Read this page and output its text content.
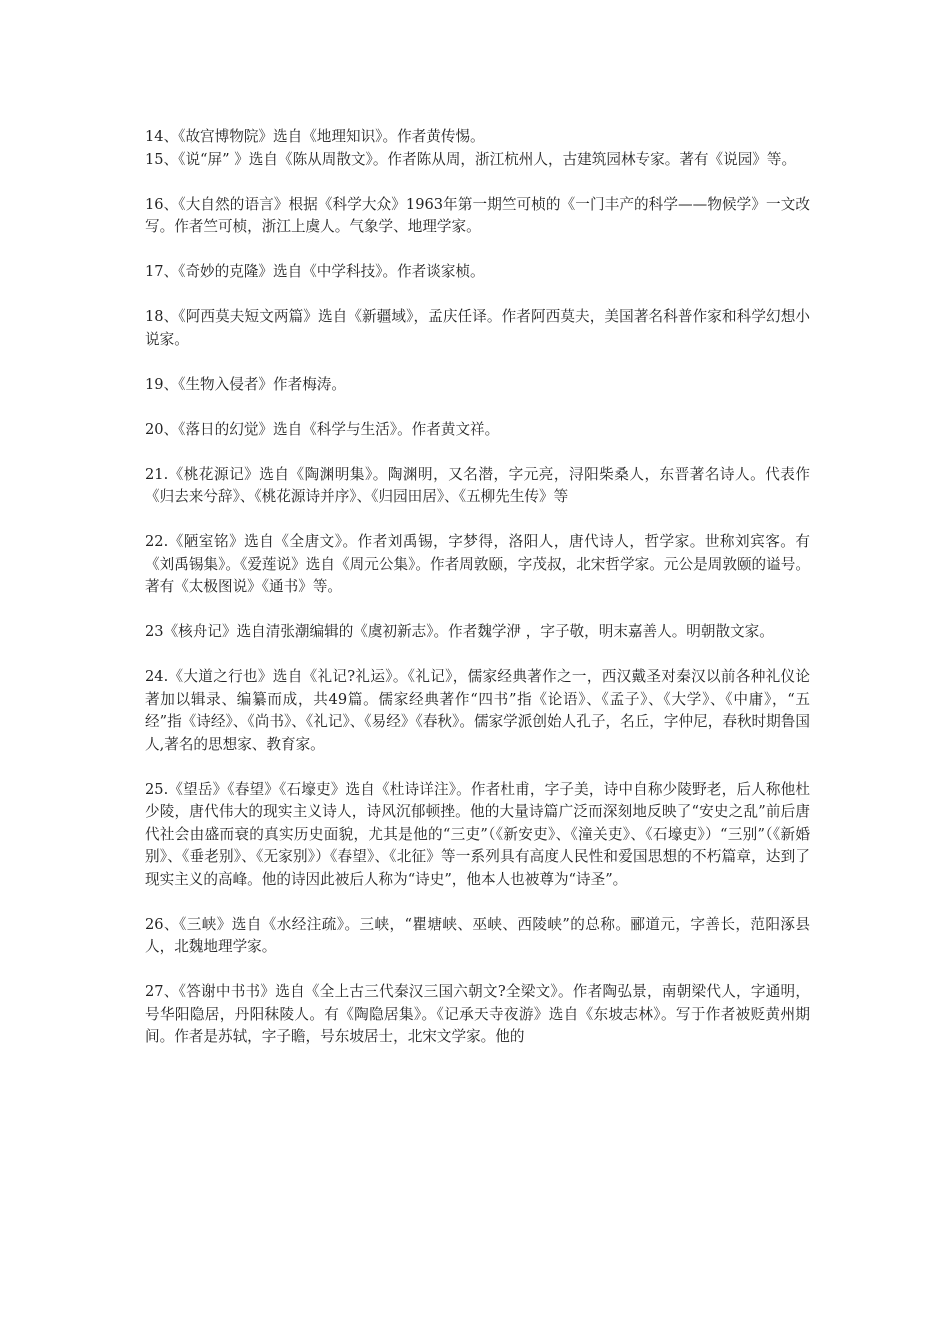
14、《故宫博物院》选自《地理知识》。作者黄传惕。

15、《说“屏” 》选自《陈从周散文》。作者陈从周，浙江杭州人，古建筑园林专家。著有《说园》等。

16、《大自然的语言》根据《科学大众》1963年第一期竺可桢的《一门丰产的科学——物候学》一文改写。作者竺可桢，浙江上虞人。气象学、地理学家。

17、《奇妙的克隆》选自《中学科技》。作者谈家桢。

18、《阿西莫夫短文两篇》选自《新疆域》，孟庆任译。作者阿西莫夫，美国著名科普作家和科学幻想小说家。

19、《生物入侵者》作者梅涛。

20、《落日的幻觉》选自《科学与生活》。作者黄文祥。

21.《桃花源记》选自《陶渊明集》。陶渊明，又名潜，字元亮，浔阳柴桑人，东晋著名诗人。代表作《归去来兮辞》、《桃花源诗并序》、《归园田居》、《五柳先生传》等

22.《陋室铭》选自《全唐文》。作者刘禹锡，字梦得，洛阳人，唐代诗人，哲学家。世称刘宾客。有《刘禹锡集》。《爱莲说》选自《周元公集》。作者周敦颐，字茂叔，北宋哲学家。元公是周敦颐的谥号。著有《太极图说》《通书》等。

23《核舟记》选自清张潮编辑的《虞初新志》。作者魏学洢 ，字子敬，明末嘉善人。明朝散文家。

24.《大道之行也》选自《礼记?礼运》。《礼记》，儒家经典著作之一，西汉戴圣对秦汉以前各种礼仪论著加以辑录、编纂而成，共49篇。儒家经典著作“四书”指《论语》、《孟子》、《大学》、《中庸》，“五经”指《诗经》、《尚书》、《礼记》、《易经》《春秋》。儒家学派创始人孔子，名丘，字仲尼，春秋时期鲁国人,著名的思想家、教育家。

25.《望岳》《春望》《石壕吏》选自《杜诗详注》。作者杜甫，字子美，诗中自称少陵野老，后人称他杜少陵，唐代伟大的现实主义诗人，诗风沉郁顿挫。他的大量诗篇广泛而深刻地反映了“安史之乱”前后唐代社会由盛而衰的真实历史面貌，尤其是他的“三吏”（《新安吏》、《潼关吏》、《石壕吏》）“三别”（《新婚别》、《垂老别》、《无家别》）《春望》、《北征》等一系列具有高度人民性和爱国思想的不朽篇章，达到了现实主义的高峰。他的诗因此被后人称为“诗史”，他本人也被尊为“诗圣”。

26、《三峡》选自《水经注疏》。三峡，“瞿塘峡、巫峡、西陵峡”的总称。郦道元，字善长，范阳涿县人，北魏地理学家。

27、《答谢中书书》选自《全上古三代秦汉三国六朝文?全梁文》。作者陶弘景，南朝梁代人，字通明，号华阳隐居，丹阳秣陵人。有《陶隐居集》。《记承天寺夜游》选自《东坡志林》。写于作者被贬黄州期间。作者是苏轼，字子瞻，号东坡居士，北宋文学家。他的
